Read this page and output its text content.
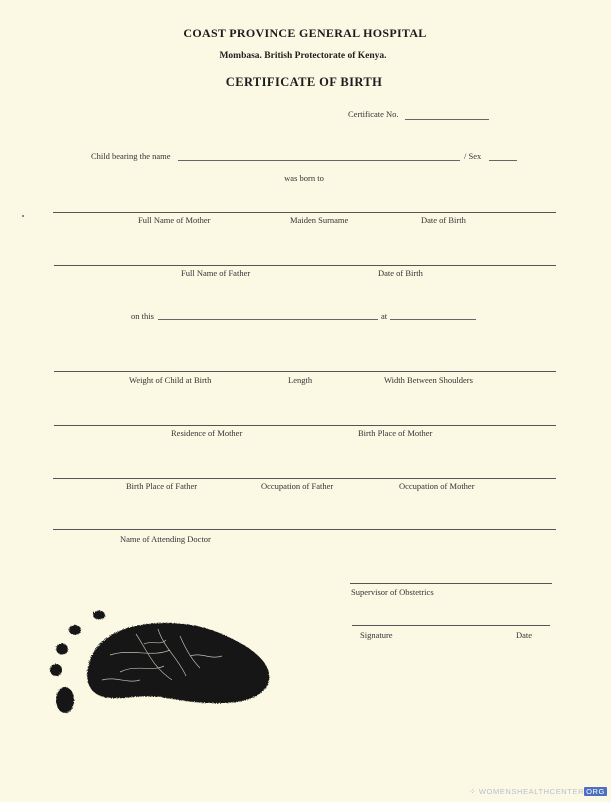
COAST PROVINCE GENERAL HOSPITAL
Mombasa. British Protectorate of Kenya.
CERTIFICATE OF BIRTH
Certificate No.
Child bearing the name	/ Sex
was born to
Full Name of Mother	Maiden Surname	Date of Birth
Full Name of Father	Date of Birth
on this	at
Weight of Child at Birth	Length	Width Between Shoulders
Residence of Mother	Birth Place of Mother
Birth Place of Father	Occupation of Father	Occupation of Mother
Name of Attending Doctor
Supervisor of Obstetrics
Signature	Date
⁘ WOMENSHEALTHCENTER ORG
